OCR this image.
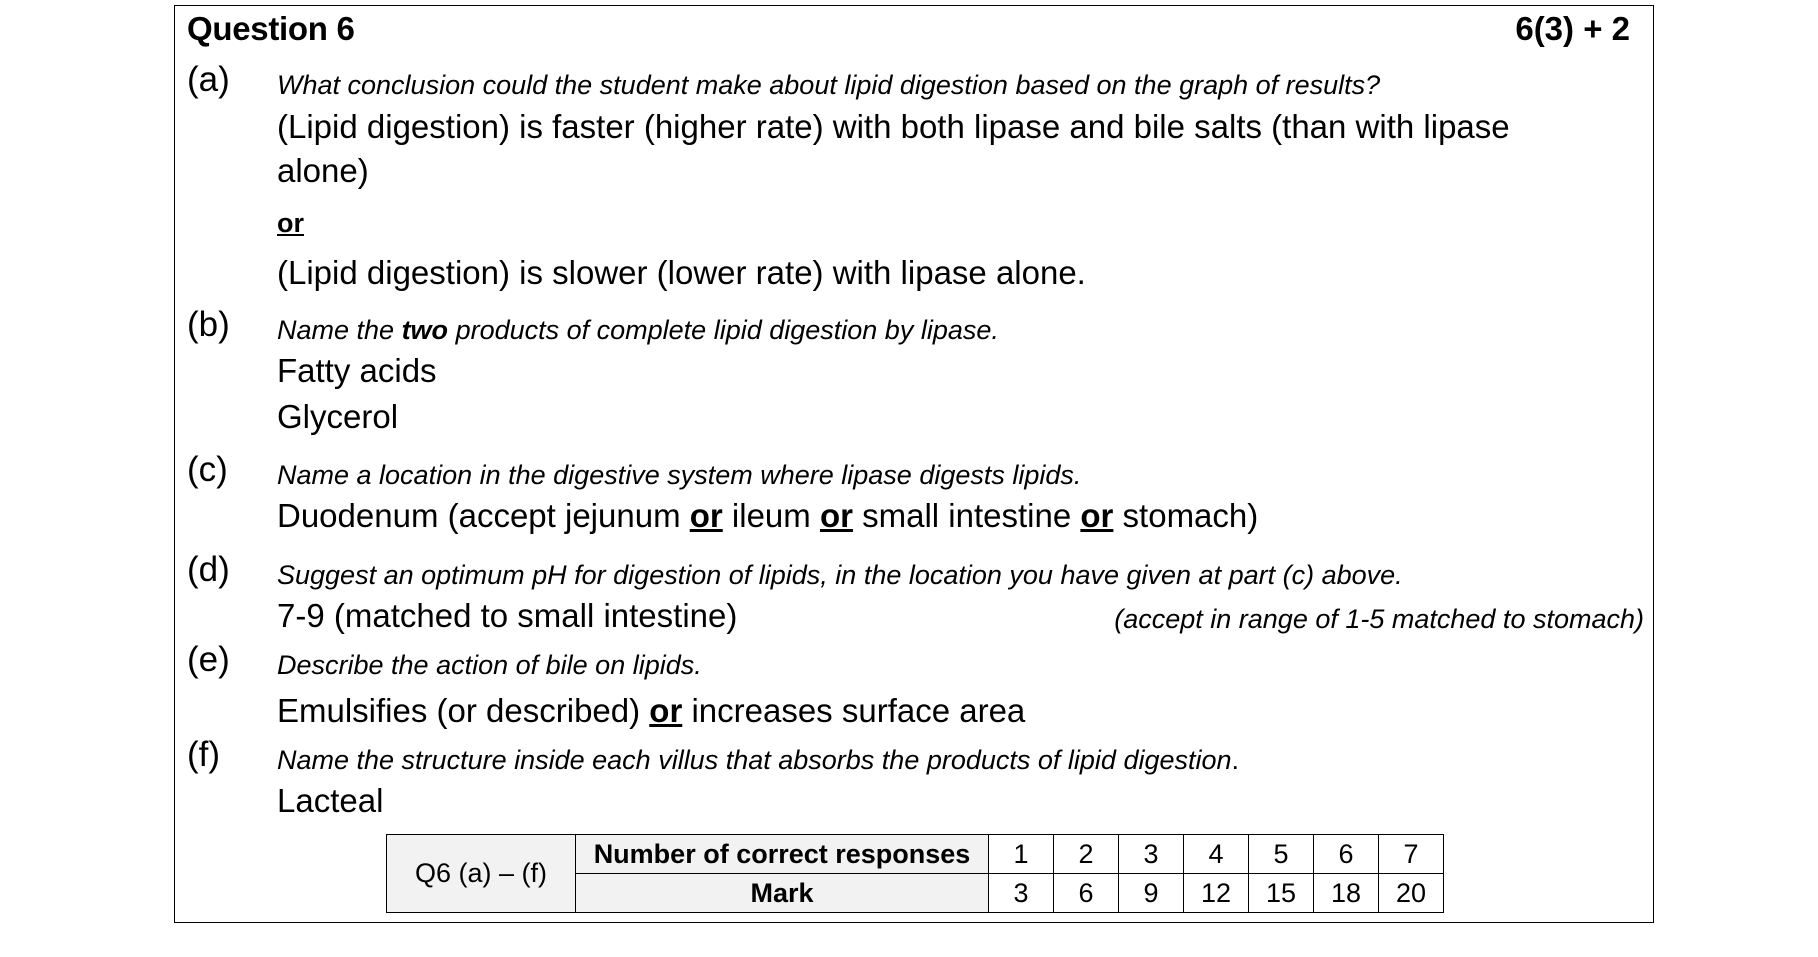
Question 6	6(3) + 2
(a) What conclusion could the student make about lipid digestion based on the graph of results?
(Lipid digestion) is faster (higher rate) with both lipase and bile salts (than with lipase
alone)
or
(Lipid digestion) is slower (lower rate) with lipase alone.
(b) Name the two products of complete lipid digestion by lipase.
Fatty acids
Glycerol
(c) Name a location in the digestive system where lipase digests lipids.
Duodenum (accept jejunum or ileum or small intestine or stomach)
(d) Suggest an optimum pH for digestion of lipids, in the location you have given at part (c) above.
7-9 (matched to small intestine)	(accept in range of 1-5 matched to stomach)
(e) Describe the action of bile on lipids.
Emulsifies (or described) or increases surface area
(f) Name the structure inside each villus that absorbs the products of lipid digestion.
Lacteal
Q6 (a) – (f)	Number of correct responses	1	2	3	4	5	6	7
	Mark	3	6	9	12	15	18	20
